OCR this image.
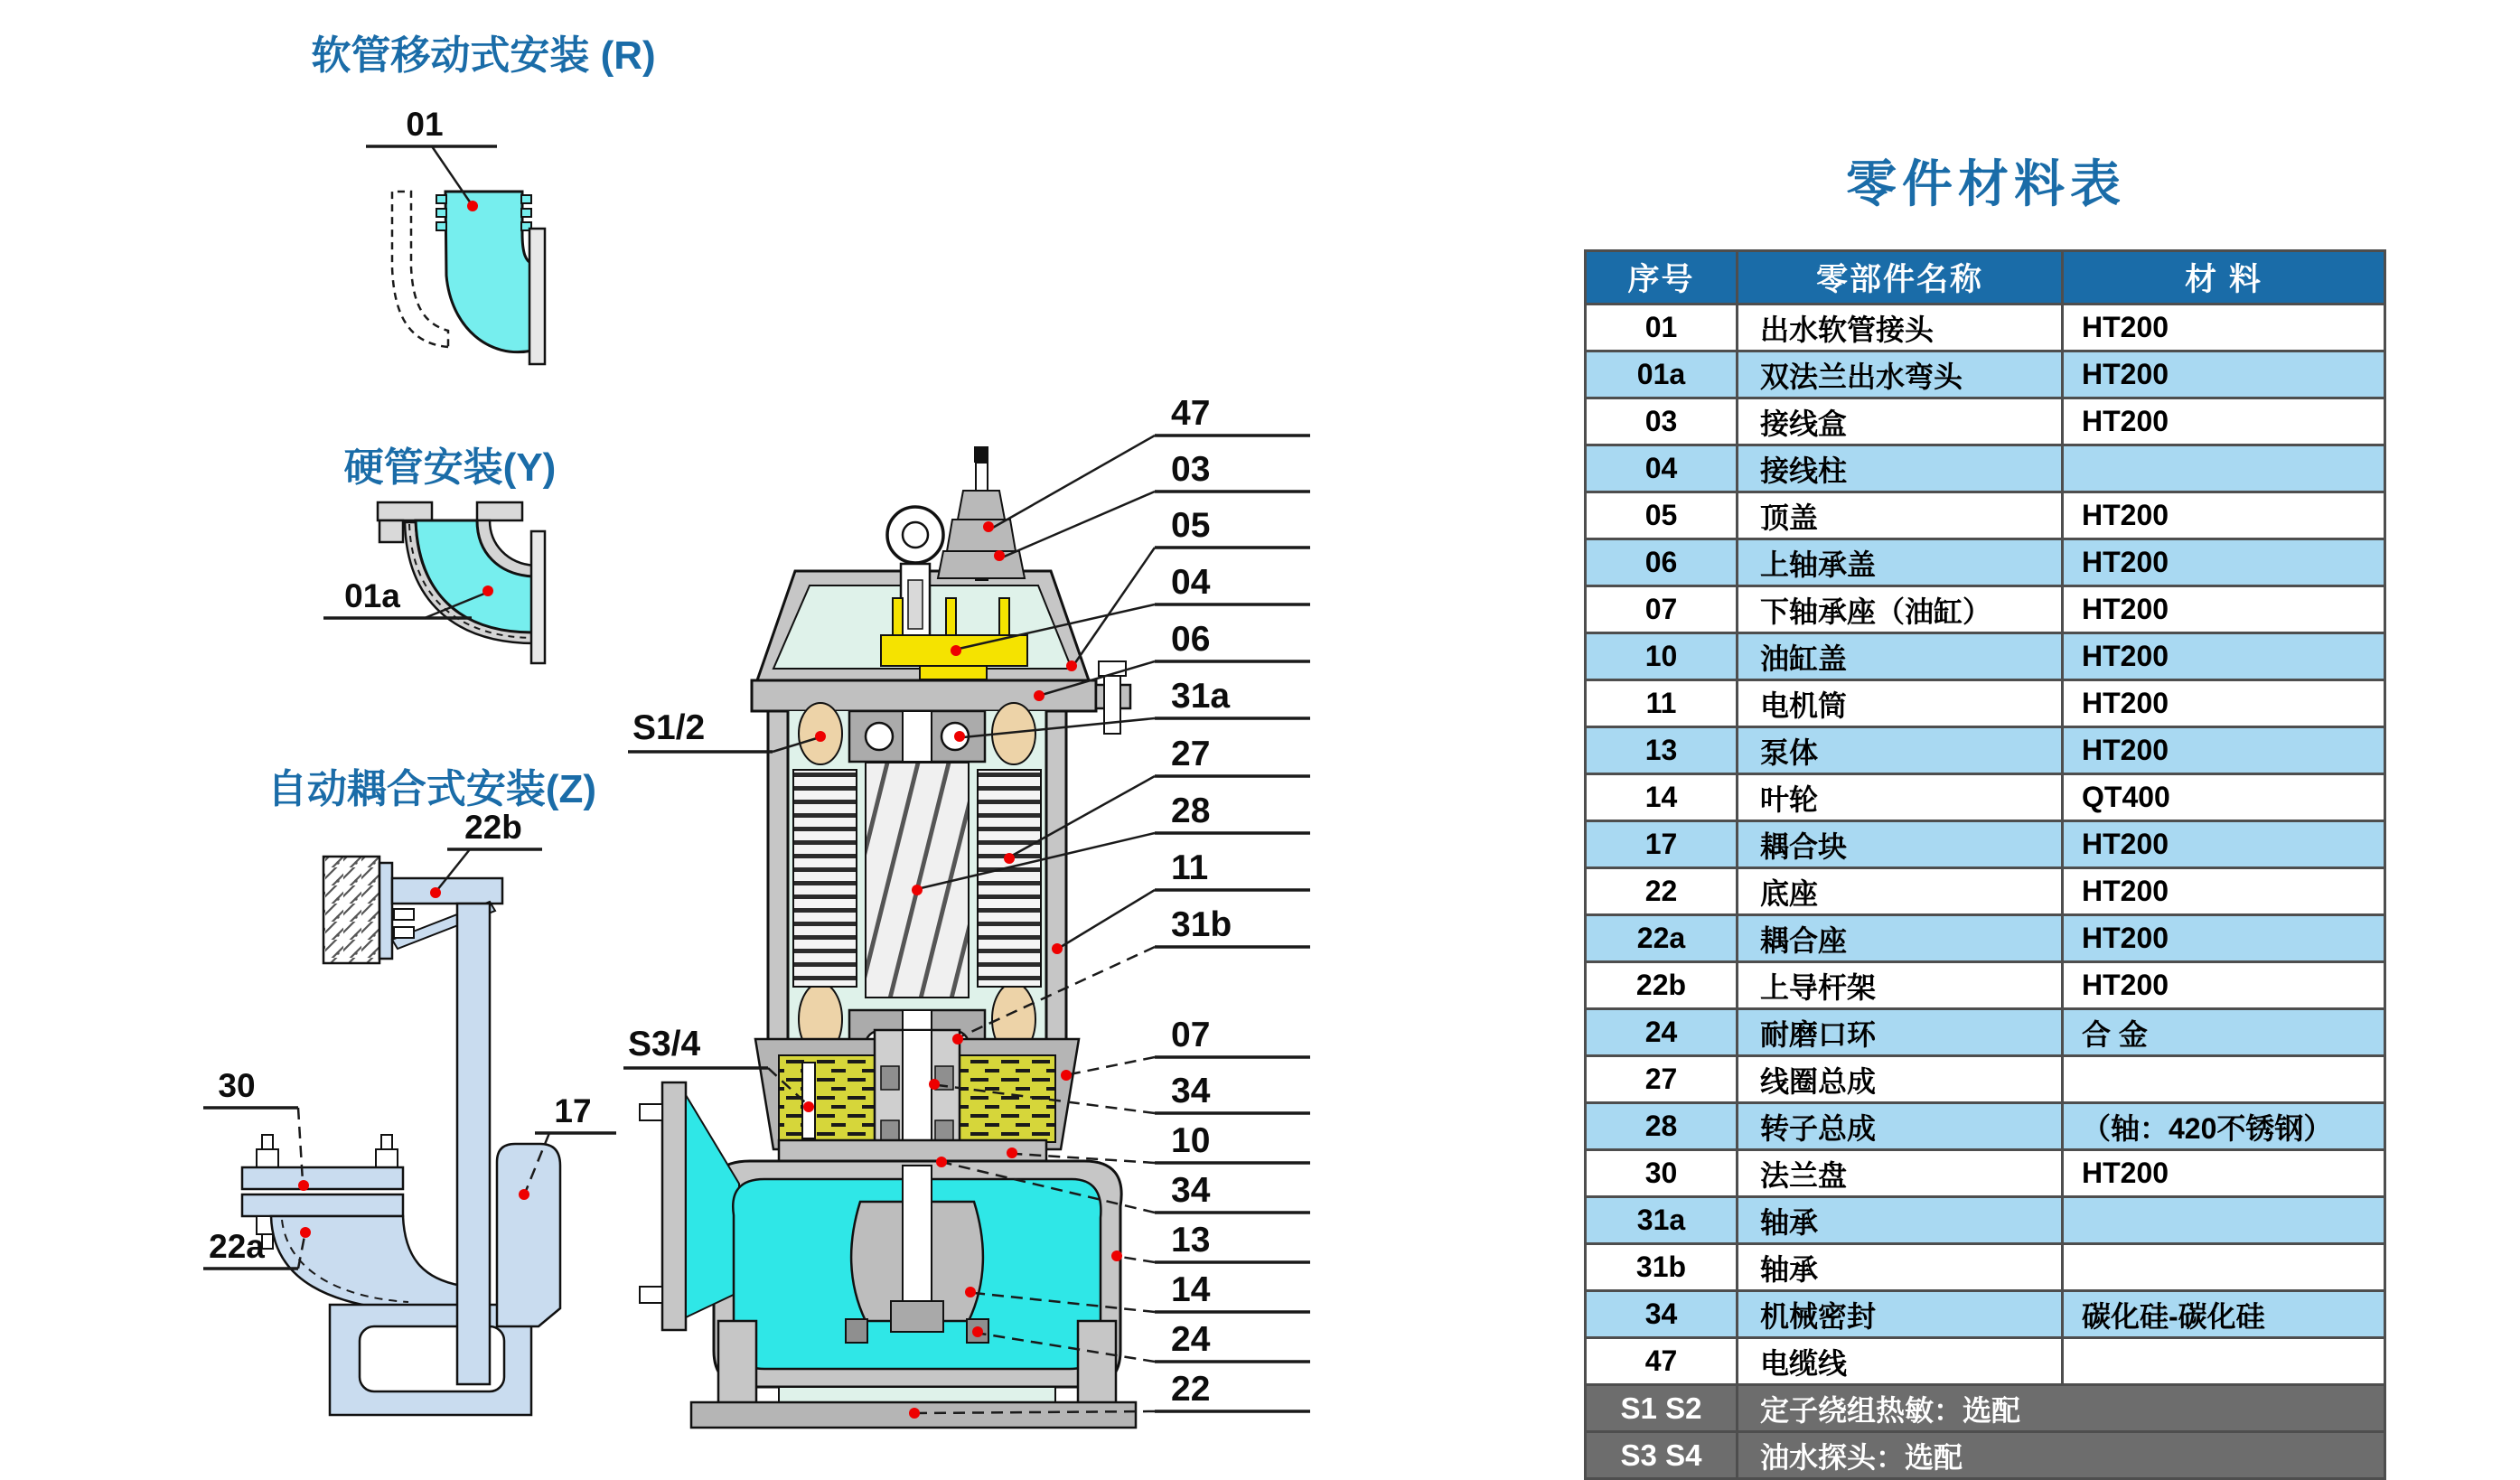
软管移动式安装 (R)
01
硬管安装(Y)
01a
自动耦合式安装(Z)
22b
30
17
22a
S1/2
S3/4
47
03
05
04
06
31a
27
28
11
31b
07
34
10
34
13
14
24
22
零件材料表
序号	零部件名称	材 料
01	出水软管接头	HT200
01a	双法兰出水弯头	HT200
03	接线盒	HT200
04	接线柱	
05	顶盖	HT200
06	上轴承盖	HT200
07	下轴承座（油缸）	HT200
10	油缸盖	HT200
11	电机筒	HT200
13	泵体	HT200
14	叶轮	QT400
17	耦合块	HT200
22	底座	HT200
22a	耦合座	HT200
22b	上导杆架	HT200
24	耐磨口环	合 金
27	线圈总成	
28	转子总成	（轴：420不锈钢）
30	法兰盘	HT200
31a	轴承	
31b	轴承	
34	机械密封	碳化硅-碳化硅
47	电缆线	
S1 S2	定子绕组热敏：选配	
S3 S4	油水探头：选配	
